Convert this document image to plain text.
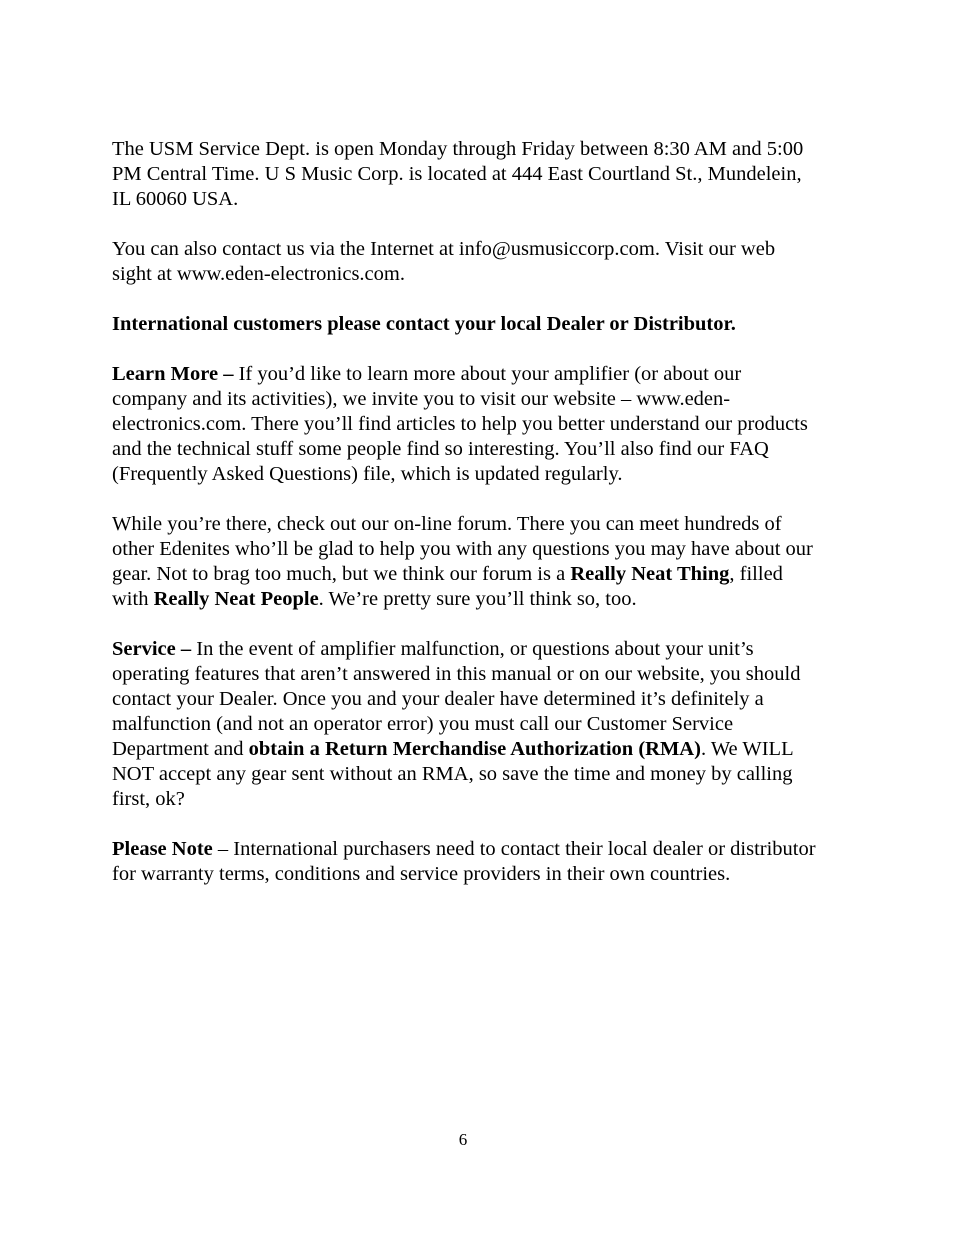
The USM Service Dept. is open Monday through Friday between 8:30 AM and 5:00 PM Central Time. U S Music Corp. is located at 444 East Courtland St., Mundelein, IL 60060 USA.

You can also contact us via the Internet at info@usmusiccorp.com. Visit our web sight at www.eden-electronics.com.

International customers please contact your local Dealer or Distributor.

Learn More – If you’d like to learn more about your amplifier (or about our company and its activities), we invite you to visit our website – www.eden-electronics.com. There you’ll find articles to help you better understand our products and the technical stuff some people find so interesting. You’ll also find our FAQ (Frequently Asked Questions) file, which is updated regularly.

While you’re there, check out our on-line forum. There you can meet hundreds of other Edenites who’ll be glad to help you with any questions you may have about our gear. Not to brag too much, but we think our forum is a Really Neat Thing, filled with Really Neat People. We’re pretty sure you’ll think so, too.

Service – In the event of amplifier malfunction, or questions about your unit’s operating features that aren’t answered in this manual or on our website, you should contact your Dealer. Once you and your dealer have determined it’s definitely a malfunction (and not an operator error) you must call our Customer Service Department and obtain a Return Merchandise Authorization (RMA). We WILL NOT accept any gear sent without an RMA, so save the time and money by calling first, ok?

Please Note – International purchasers need to contact their local dealer or distributor for warranty terms, conditions and service providers in their own countries.

6
